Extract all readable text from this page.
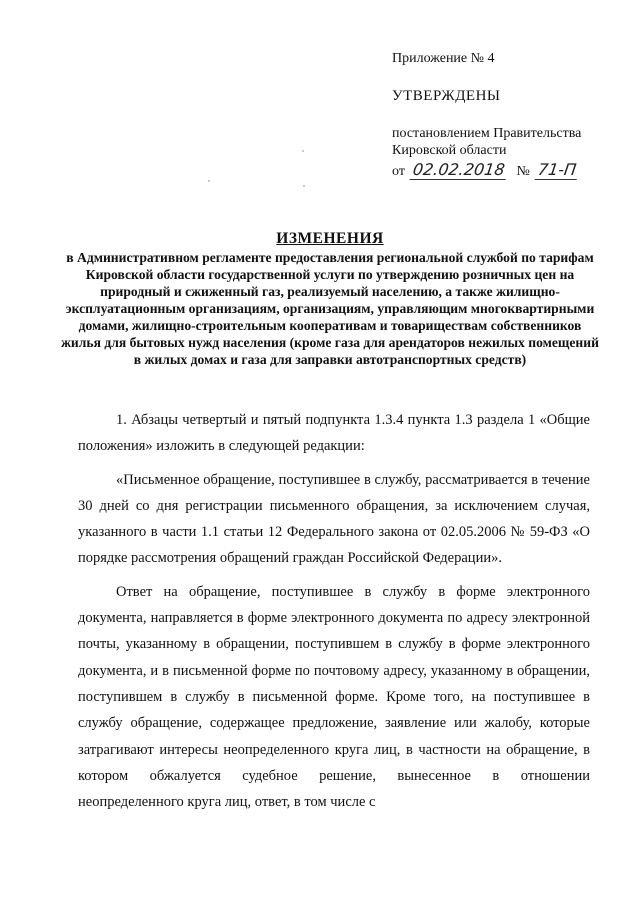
Приложение № 4
УТВЕРЖДЕНЫ
постановлением Правительства
Кировской области
от 02.02.2018 № 71-П
ИЗМЕНЕНИЯ

в Административном регламенте предоставления региональной службой по тарифам Кировской области государственной услуги по утверждению розничных цен на природный и сжиженный газ, реализуемый населению, а также жилищно-эксплуатационным организациям, организациям, управляющим многоквартирными домами, жилищно-строительным кооперативам и товариществам собственников жилья для бытовых нужд населения (кроме газа для арендаторов нежилых помещений в жилых домах и газа для заправки автотранспортных средств)

1. Абзацы четвертый и пятый подпункта 1.3.4 пункта 1.3 раздела 1 «Общие положения» изложить в следующей редакции:

«Письменное обращение, поступившее в службу, рассматривается в течение 30 дней со дня регистрации письменного обращения, за исключением случая, указанного в части 1.1 статьи 12 Федерального закона от 02.05.2006 № 59-ФЗ «О порядке рассмотрения обращений граждан Российской Федерации».

Ответ на обращение, поступившее в службу в форме электронного документа, направляется в форме электронного документа по адресу электронной почты, указанному в обращении, поступившем в службу в форме электронного документа, и в письменной форме по почтовому адресу, указанному в обращении, поступившем в службу в письменной форме. Кроме того, на поступившее в службу обращение, содержащее предложение, заявление или жалобу, которые затрагивают интересы неопределенного круга лиц, в частности на обращение, в котором обжалуется судебное решение, вынесенное в отношении неопределенного круга лиц, ответ, в том числе с
